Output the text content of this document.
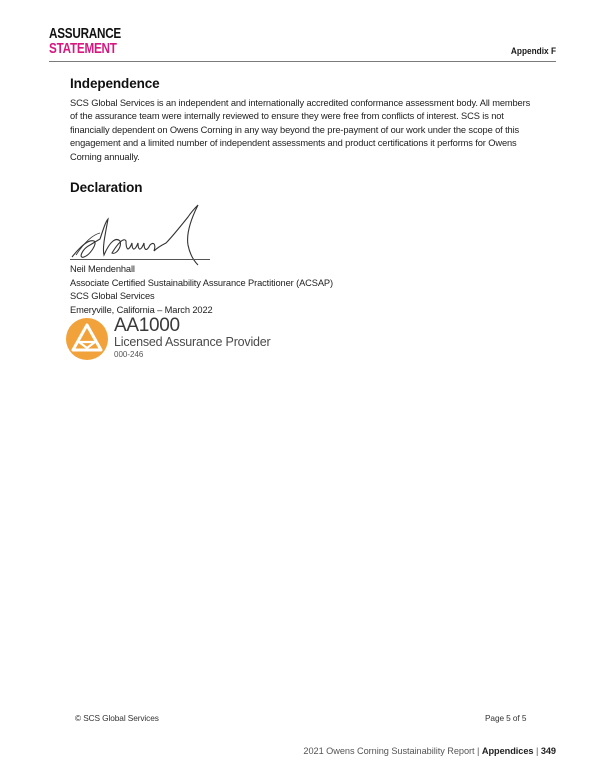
ASSURANCE
STATEMENT	Appendix F
Independence

SCS Global Services is an independent and internationally accredited conformance assessment body. All members of the assurance team were internally reviewed to ensure they were free from conflicts of interest. SCS is not financially dependent on Owens Corning in any way beyond the pre-payment of our work under the scope of this engagement and a limited number of independent assessments and product certifications it performs for Owens Corning annually.

Declaration
Neil Mendenhall
Associate Certified Sustainability Assurance Practitioner (ACSAP)
SCS Global Services
Emeryville, California – March 2022
AA1000
Licensed Assurance Provider
000-246
© SCS Global Services	Page 5 of 5
2021 Owens Corning Sustainability Report | Appendices | 349
